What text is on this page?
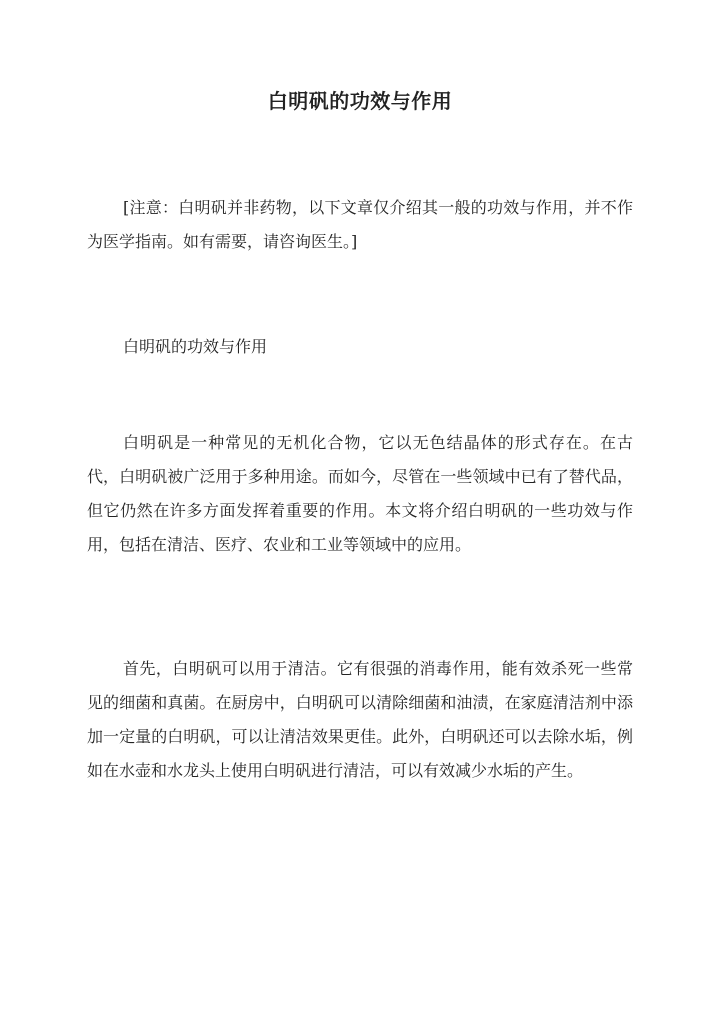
白明矾的功效与作用

[注意：白明矾并非药物，以下文章仅介绍其一般的功效与作用，并不作为医学指南。如有需要，请咨询医生。]

白明矾的功效与作用

白明矾是一种常见的无机化合物，它以无色结晶体的形式存在。在古代，白明矾被广泛用于多种用途。而如今，尽管在一些领域中已有了替代品，但它仍然在许多方面发挥着重要的作用。本文将介绍白明矾的一些功效与作用，包括在清洁、医疗、农业和工业等领域中的应用。

首先，白明矾可以用于清洁。它有很强的消毒作用，能有效杀死一些常见的细菌和真菌。在厨房中，白明矾可以清除细菌和油渍，在家庭清洁剂中添加一定量的白明矾，可以让清洁效果更佳。此外，白明矾还可以去除水垢，例如在水壶和水龙头上使用白明矾进行清洁，可以有效减少水垢的产生。
